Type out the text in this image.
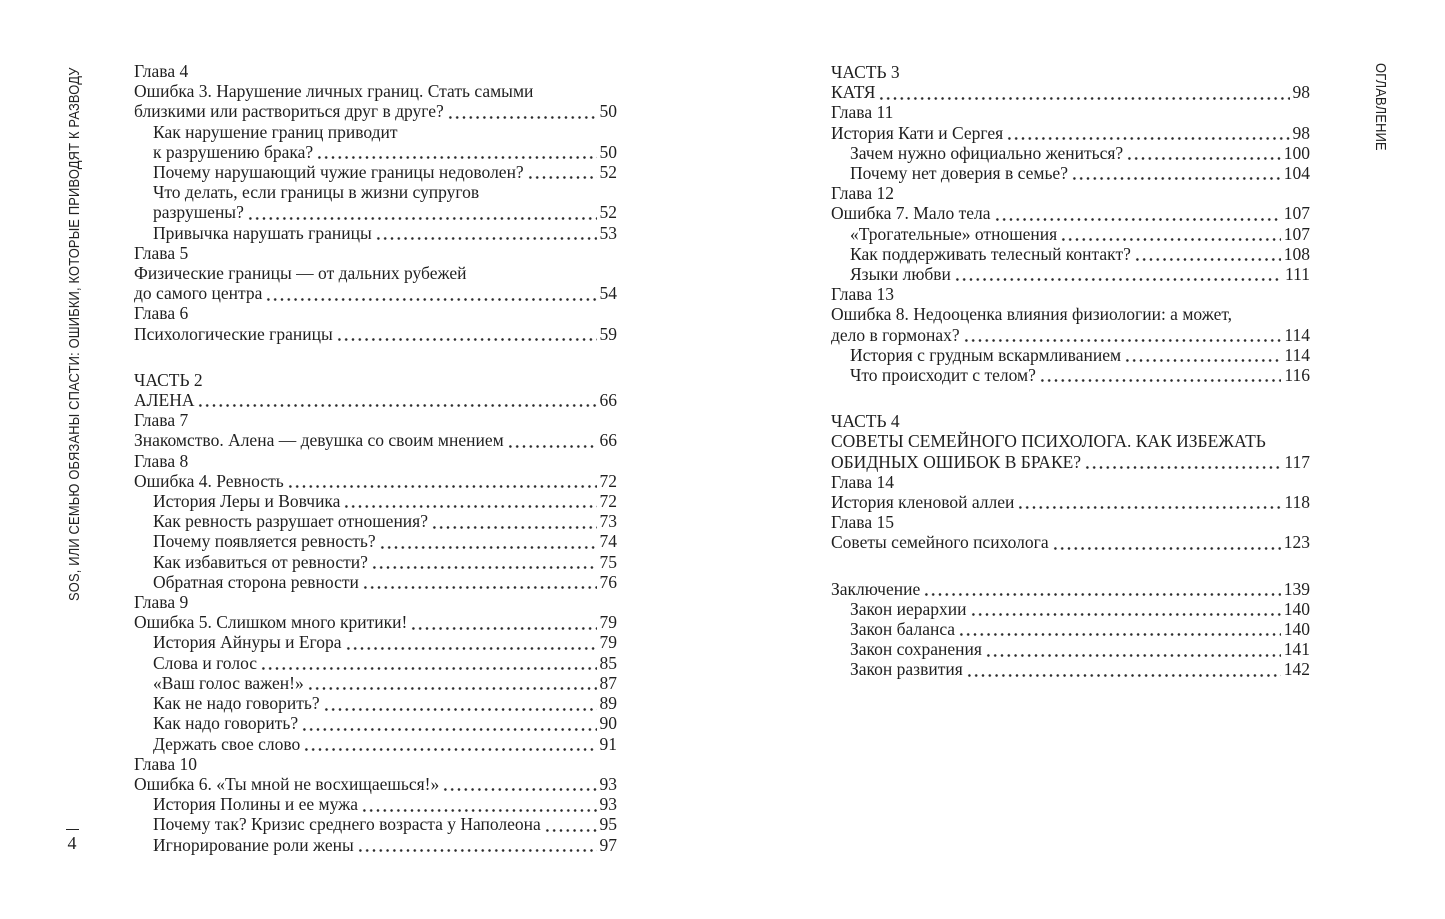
SOS, ИЛИ СЕМЬЮ ОБЯЗАНЫ СПАСТИ: ОШИБКИ, КОТОРЫЕ ПРИВОДЯТ К РАЗВОДУ	ОГЛАВЛЕНИЕ
4
Глава 4
Ошибка 3. Нарушение личных границ. Стать самыми
близкими или раствориться друг в друге?	50
Как нарушение границ приводит
к разрушению брака?	50
Почему нарушающий чужие границы недоволен?	52
Что делать, если границы в жизни супругов
разрушены?	52
Привычка нарушать границы	53
Глава 5
Физические границы — от дальних рубежей
до самого центра	54
Глава 6
Психологические границы	59
ЧАСТЬ 2
АЛЕНА	66
Глава 7
Знакомство. Алена — девушка со своим мнением	66
Глава 8
Ошибка 4. Ревность	72
История Леры и Вовчика	72
Как ревность разрушает отношения?	73
Почему появляется ревность?	74
Как избавиться от ревности?	75
Обратная сторона ревности	76
Глава 9
Ошибка 5. Слишком много критики!	79
История Айнуры и Егора	79
Слова и голос	85
«Ваш голос важен!»	87
Как не надо говорить?	89
Как надо говорить?	90
Держать свое слово	91
Глава 10
Ошибка 6. «Ты мной не восхищаешься!»	93
История Полины и ее мужа	93
Почему так? Кризис среднего возраста у Наполеона	95
Игнорирование роли жены	97
ЧАСТЬ 3
КАТЯ	98
Глава 11
История Кати и Сергея	98
Зачем нужно официально жениться?	100
Почему нет доверия в семье?	104
Глава 12
Ошибка 7. Мало тела	107
«Трогательные» отношения	107
Как поддерживать телесный контакт?	108
Языки любви	111
Глава 13
Ошибка 8. Недооценка влияния физиологии: а может,
дело в гормонах?	114
История с грудным вскармливанием	114
Что происходит с телом?	116
ЧАСТЬ 4
СОВЕТЫ СЕМЕЙНОГО ПСИХОЛОГА. КАК ИЗБЕЖАТЬ
ОБИДНЫХ ОШИБОК В БРАКЕ?	117
Глава 14
История кленовой аллеи	118
Глава 15
Советы семейного психолога	123
Заключение	139
Закон иерархии	140
Закон баланса	140
Закон сохранения	141
Закон развития	142
